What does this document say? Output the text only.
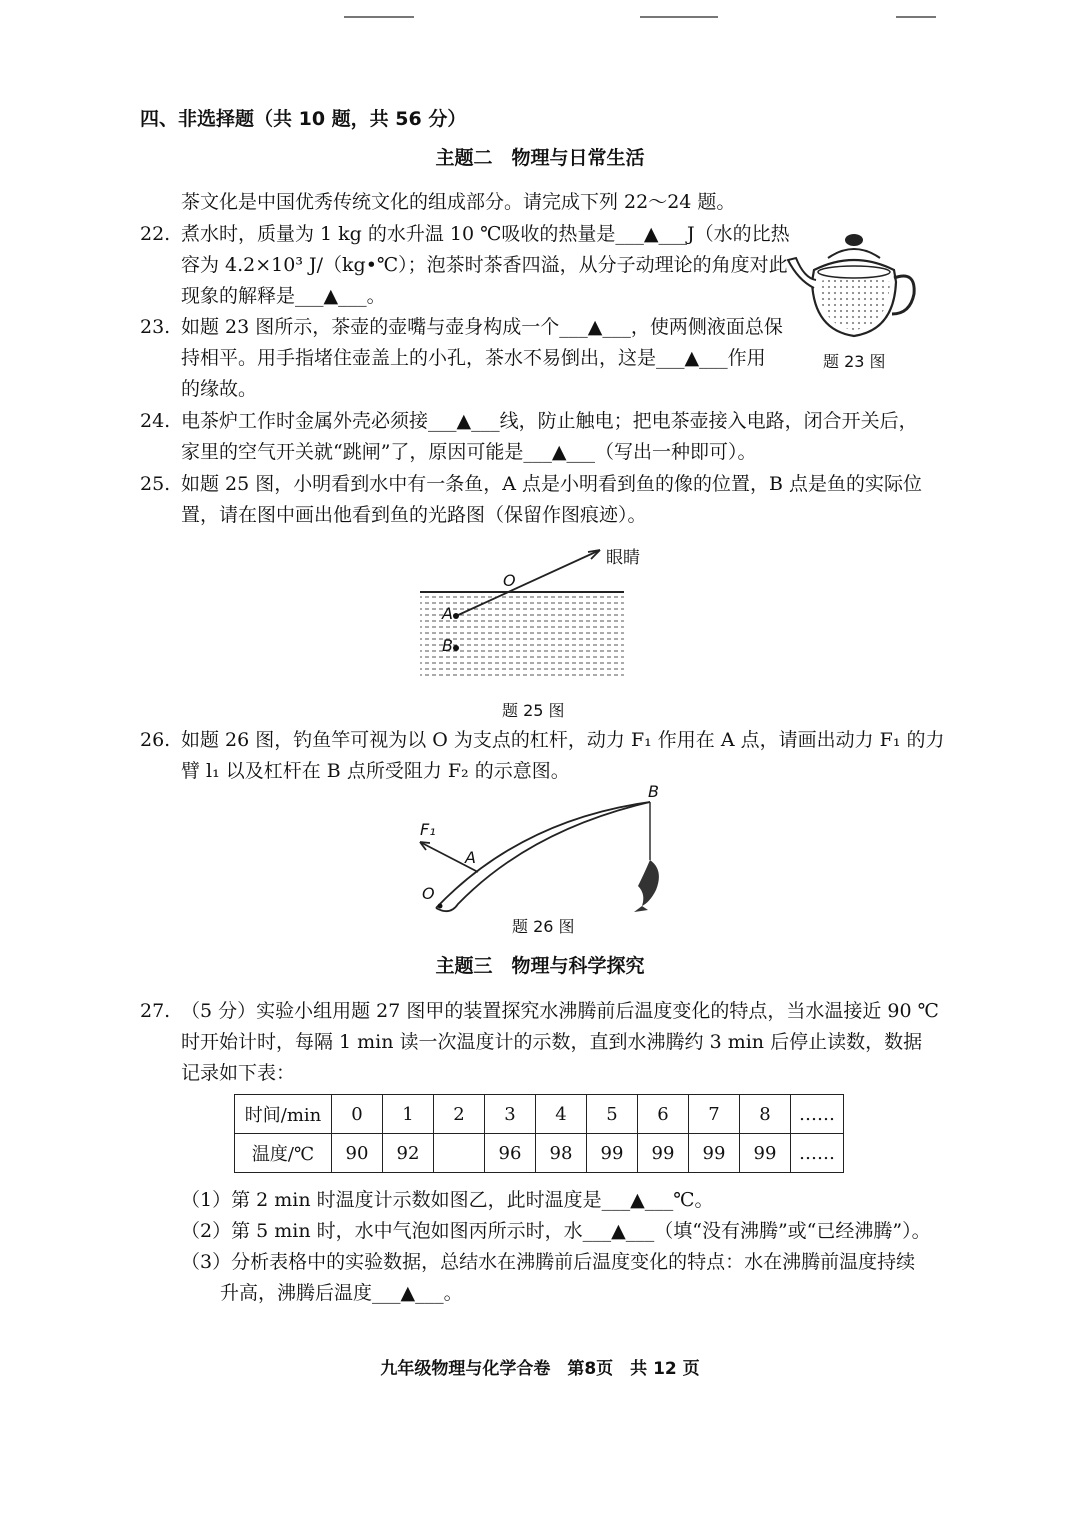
四、非选择题（共 10 题，共 56 分）
主题二　物理与日常生活
茶文化是中国优秀传统文化的组成部分。请完成下列 22～24 题。
22. 煮水时，质量为 1 kg 的水升温 10 ℃吸收的热量是___▲___J（水的比热
容为 4.2×10³ J/（kg•℃）；泡茶时茶香四溢，从分子动理论的角度对此
现象的解释是___▲___。
题 23 图
23. 如题 23 图所示，茶壶的壶嘴与壶身构成一个___▲___，使两侧液面总保
持相平。用手指堵住壶盖上的小孔，茶水不易倒出，这是___▲___作用
的缘故。
24. 电茶炉工作时金属外壳必须接___▲___线，防止触电；把电茶壶接入电路，闭合开关后，
家里的空气开关就“跳闸”了，原因可能是___▲___（写出一种即可）。
25. 如题 25 图，小明看到水中有一条鱼，A 点是小明看到鱼的像的位置，B 点是鱼的实际位
置，请在图中画出他看到鱼的光路图（保留作图痕迹）。
眼睛
O
A
B
题 25 图
26. 如题 26 图，钓鱼竿可视为以 O 为支点的杠杆，动力 F₁ 作用在 A 点，请画出动力 F₁ 的力
臂 l₁ 以及杠杆在 B 点所受阻力 F₂ 的示意图。
F₁
A
O
B
题 26 图
主题三　物理与科学探究
27. （5 分）实验小组用题 27 图甲的装置探究水沸腾前后温度变化的特点，当水温接近 90 ℃
时开始计时，每隔 1 min 读一次温度计的示数，直到水沸腾约 3 min 后停止读数，数据
记录如下表：
时间/min	0	1	2	3	4	5	6	7	8	……
温度/℃	90	92		96	98	99	99	99	99	……
（1）第 2 min 时温度计示数如图乙，此时温度是___▲___℃。
（2）第 5 min 时，水中气泡如图丙所示时，水___▲___（填“没有沸腾”或“已经沸腾”）。
（3）分析表格中的实验数据，总结水在沸腾前后温度变化的特点：水在沸腾前温度持续
升高，沸腾后温度___▲___。
九年级物理与化学合卷　第8页　共 12 页
